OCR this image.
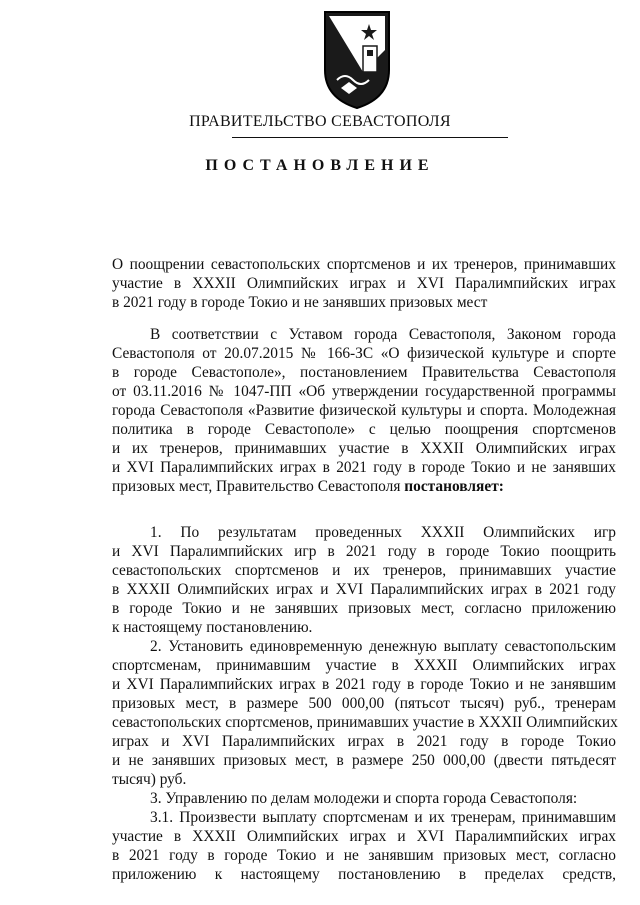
ПРАВИТЕЛЬСТВО СЕВАСТОПОЛЯ
ПОСТАНОВЛЕНИЕ
О поощрении севастопольских спортсменов и их тренеров, принимавших
участие в XXXII Олимпийских играх и XVI Паралимпийских играх
в 2021 году в городе Токио и не занявших призовых мест
В соответствии с Уставом города Севастополя, Законом города
Севастополя от 20.07.2015 № 166-ЗС «О физической культуре и спорте
в городе Севастополе», постановлением Правительства Севастополя
от 03.11.2016 № 1047-ПП «Об утверждении государственной программы
города Севастополя «Развитие физической культуры и спорта. Молодежная
политика в городе Севастополе» с целью поощрения спортсменов
и их тренеров, принимавших участие в XXXII Олимпийских играх
и XVI Паралимпийских играх в 2021 году в городе Токио и не занявших
призовых мест, Правительство Севастополя постановляет:
1. По результатам проведенных XXXII Олимпийских игр
и XVI Паралимпийских игр в 2021 году в городе Токио поощрить
севастопольских спортсменов и их тренеров, принимавших участие
в XXXII Олимпийских играх и XVI Паралимпийских играх в 2021 году
в городе Токио и не занявших призовых мест, согласно приложению
к настоящему постановлению.
2. Установить единовременную денежную выплату севастопольским
спортсменам, принимавшим участие в XXXII Олимпийских играх
и XVI Паралимпийских играх в 2021 году в городе Токио и не занявшим
призовых мест, в размере 500 000,00 (пятьсот тысяч) руб., тренерам
севастопольских спортсменов, принимавших участие в XXXII Олимпийских
играх и XVI Паралимпийских играх в 2021 году в городе Токио
и не занявших призовых мест, в размере 250 000,00 (двести пятьдесят
тысяч) руб.
3. Управлению по делам молодежи и спорта города Севастополя:
3.1. Произвести выплату спортсменам и их тренерам, принимавшим
участие в XXXII Олимпийских играх и XVI Паралимпийских играх
в 2021 году в городе Токио и не занявшим призовых мест, согласно
приложению к настоящему постановлению в пределах средств,
